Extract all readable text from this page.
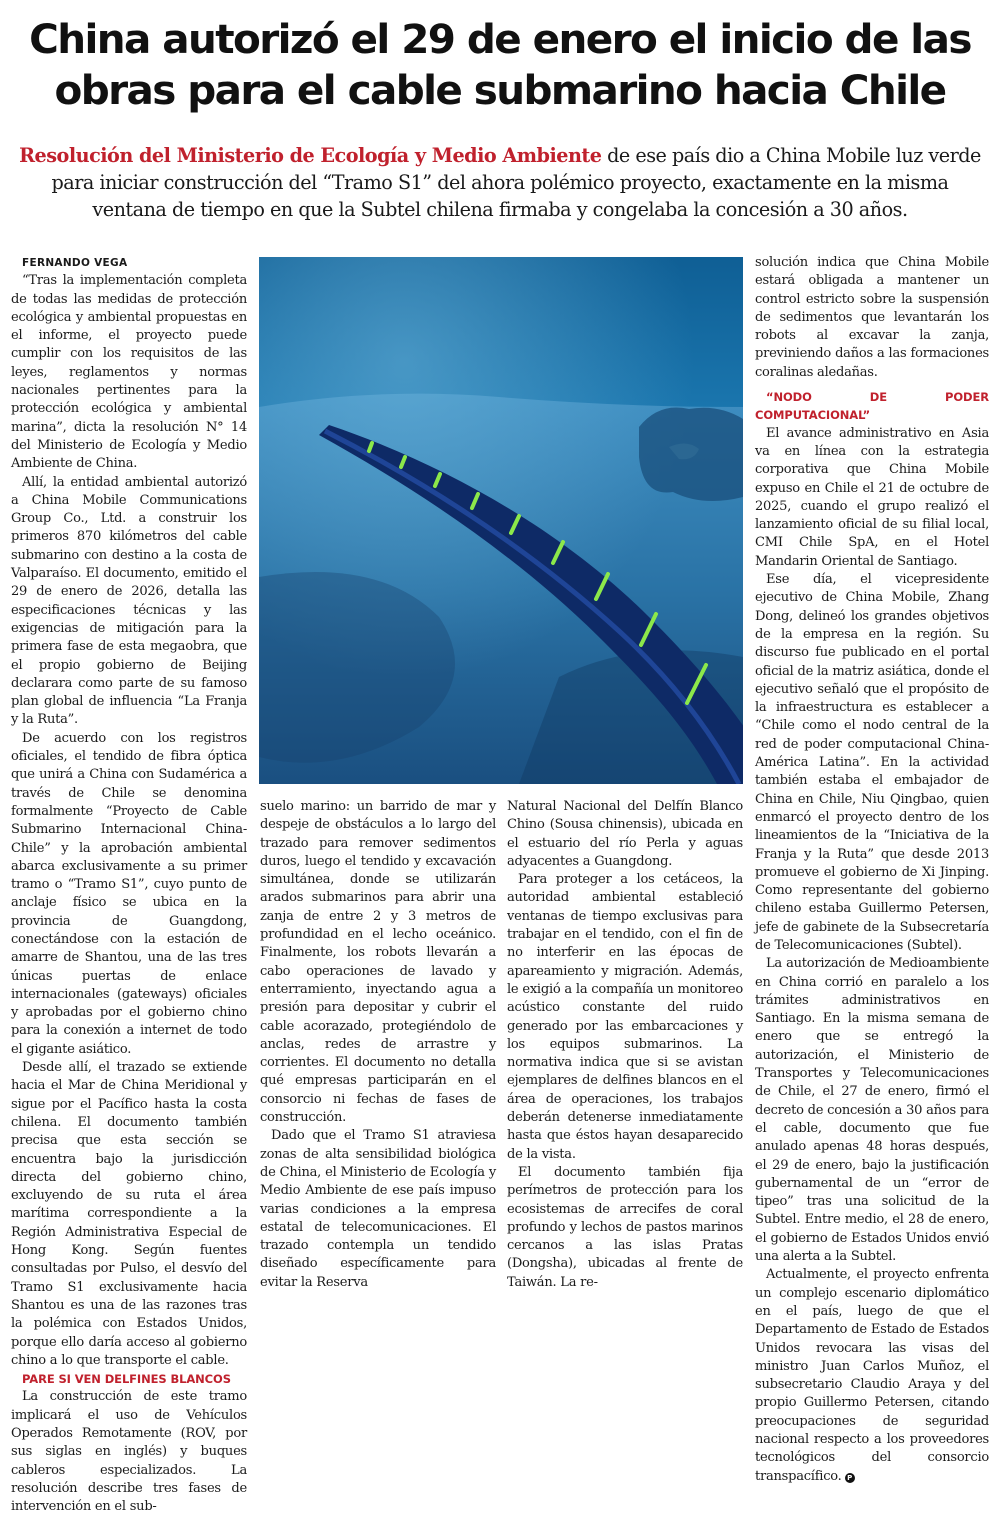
China autorizó el 29 de enero el inicio de las
obras para el cable submarino hacia Chile

Resolución del Ministerio de Ecología y Medio Ambiente de ese país dio a China Mobile luz verde para iniciar construcción del “Tramo S1” del ahora polémico proyecto, exactamente en la misma ventana de tiempo en que la Subtel chilena firmaba y congelaba la concesión a 30 años.

FERNANDO VEGA

“Tras la implementación completa de todas las medidas de protección ecológica y ambiental propuestas en el informe, el proyecto puede cumplir con los requisitos de las leyes, reglamentos y normas nacionales pertinentes para la protección ecológica y ambiental marina”, dicta la resolución N° 14 del Ministerio de Ecología y Medio Ambiente de China.

Allí, la entidad ambiental autorizó a China Mobile Communications Group Co., Ltd. a construir los primeros 870 kilómetros del cable submarino con destino a la costa de Valparaíso. El documento, emitido el 29 de enero de 2026, detalla las especificaciones técnicas y las exigencias de mitigación para la primera fase de esta megaobra, que el propio gobierno de Beijing declarara como parte de su famoso plan global de influencia “La Franja y la Ruta”.

De acuerdo con los registros oficiales, el tendido de fibra óptica que unirá a China con Sudamérica a través de Chile se denomina formalmente “Proyecto de Cable Submarino Internacional China-Chile” y la aprobación ambiental abarca exclusivamente a su primer tramo o “Tramo S1”, cuyo punto de anclaje físico se ubica en la provincia de Guangdong, conectándose con la estación de amarre de Shantou, una de las tres únicas puertas de enlace internacionales (gateways) oficiales y aprobadas por el gobierno chino para la conexión a internet de todo el gigante asiático.

Desde allí, el trazado se extiende hacia el Mar de China Meridional y sigue por el Pacífico hasta la costa chilena. El documento también precisa que esta sección se encuentra bajo la jurisdicción directa del gobierno chino, excluyendo de su ruta el área marítima correspondiente a la Región Administrativa Especial de Hong Kong. Según fuentes consultadas por Pulso, el desvío del Tramo S1 exclusivamente hacia Shantou es una de las razones tras la polémica con Estados Unidos, porque ello daría acceso al gobierno chino a lo que transporte el cable.

PARE SI VEN DELFINES BLANCOS

La construcción de este tramo implicará el uso de Vehículos Operados Remotamente (ROV, por sus siglas en inglés) y buques cableros especializados. La resolución describe tres fases de intervención en el sub-

suelo marino: un barrido de mar y despeje de obstáculos a lo largo del trazado para remover sedimentos duros, luego el tendido y excavación simultánea, donde se utilizarán arados submarinos para abrir una zanja de entre 2 y 3 metros de profundidad en el lecho oceánico. Finalmente, los robots llevarán a cabo operaciones de lavado y enterramiento, inyectando agua a presión para depositar y cubrir el cable acorazado, protegiéndolo de anclas, redes de arrastre y corrientes. El documento no detalla qué empresas participarán en el consorcio ni fechas de fases de construcción.

Dado que el Tramo S1 atraviesa zonas de alta sensibilidad biológica de China, el Ministerio de Ecología y Medio Ambiente de ese país impuso varias condiciones a la empresa estatal de telecomunicaciones. El trazado contempla un tendido diseñado específicamente para evitar la Reserva

Natural Nacional del Delfín Blanco Chino (Sousa chinensis), ubicada en el estuario del río Perla y aguas adyacentes a Guangdong.

Para proteger a los cetáceos, la autoridad ambiental estableció ventanas de tiempo exclusivas para trabajar en el tendido, con el fin de no interferir en las épocas de apareamiento y migración. Además, le exigió a la compañía un monitoreo acústico constante del ruido generado por las embarcaciones y los equipos submarinos. La normativa indica que si se avistan ejemplares de delfines blancos en el área de operaciones, los trabajos deberán detenerse inmediatamente hasta que éstos hayan desaparecido de la vista.

El documento también fija perímetros de protección para los ecosistemas de arrecifes de coral profundo y lechos de pastos marinos cercanos a las islas Pratas (Dongsha), ubicadas al frente de Taiwán. La re-

solución indica que China Mobile estará obligada a mantener un control estricto sobre la suspensión de sedimentos que levantarán los robots al excavar la zanja, previniendo daños a las formaciones coralinas aledañas.

“NODO DE PODER COMPUTACIONAL”

El avance administrativo en Asia va en línea con la estrategia corporativa que China Mobile expuso en Chile el 21 de octubre de 2025, cuando el grupo realizó el lanzamiento oficial de su filial local, CMI Chile SpA, en el Hotel Mandarin Oriental de Santiago.

Ese día, el vicepresidente ejecutivo de China Mobile, Zhang Dong, delineó los grandes objetivos de la empresa en la región. Su discurso fue publicado en el portal oficial de la matriz asiática, donde el ejecutivo señaló que el propósito de la infraestructura es establecer a “Chile como el nodo central de la red de poder computacional China-América Latina”. En la actividad también estaba el embajador de China en Chile, Niu Qingbao, quien enmarcó el proyecto dentro de los lineamientos de la “Iniciativa de la Franja y la Ruta” que desde 2013 promueve el gobierno de Xi Jinping. Como representante del gobierno chileno estaba Guillermo Petersen, jefe de gabinete de la Subsecretaría de Telecomunicaciones (Subtel).

La autorización de Medioambiente en China corrió en paralelo a los trámites administrativos en Santiago. En la misma semana de enero que se entregó la autorización, el Ministerio de Transportes y Telecomunicaciones de Chile, el 27 de enero, firmó el decreto de concesión a 30 años para el cable, documento que fue anulado apenas 48 horas después, el 29 de enero, bajo la justificación gubernamental de un “error de tipeo” tras una solicitud de la Subtel. Entre medio, el 28 de enero, el gobierno de Estados Unidos envió una alerta a la Subtel.

Actualmente, el proyecto enfrenta un complejo escenario diplomático en el país, luego de que el Departamento de Estado de Estados Unidos revocara las visas del ministro Juan Carlos Muñoz, el subsecretario Claudio Araya y del propio Guillermo Petersen, citando preocupaciones de seguridad nacional respecto a los proveedores tecnológicos del consorcio transpacífico. P
